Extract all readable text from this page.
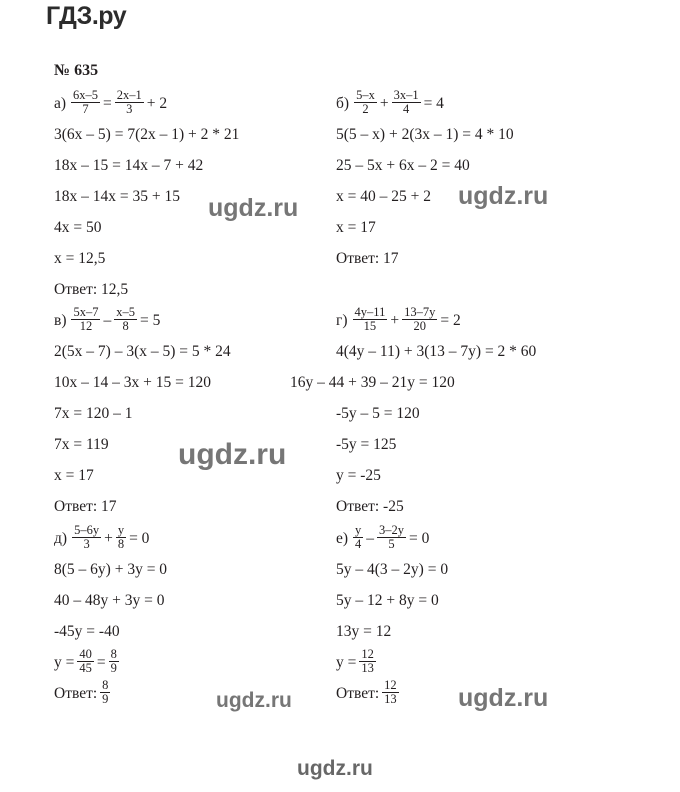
ГДЗ.ру
№ 635
$а) \frac{6x-5}{7} = \frac{2x-1}{3} + 2$
3(6x – 5) = 7(2x – 1) + 2 * 21
18х – 15 = 14х – 7 + 42
18х – 14х = 35 + 15
4х = 50
х = 12,5
Ответ: 12,5
$в) \frac{5x-7}{12} - \frac{x-5}{8} = 5$
2(5х – 7) – 3(х – 5) = 5 * 24
10х – 14 – 3х + 15 = 120
7х = 120 – 1
7х = 119
х = 17
Ответ: 17
$д) \frac{5-6y}{3} + \frac{y}{8} = 0$
8(5 – 6у) + 3у = 0
40 – 48у + 3у = 0
-45у = -40
$у = \frac{40}{45} = \frac{8}{9}$
Ответ: $\frac{8}{9}$
$б) \frac{5-x}{2} + \frac{3x-1}{4} = 4$
5(5 – х) + 2(3х – 1) = 4 * 10
25 – 5х + 6х – 2 = 40
х = 40 – 25 + 2
х = 17
Ответ: 17
$г) \frac{4y-11}{15} + \frac{13-7y}{20} = 2$
4(4у – 11) + 3(13 – 7у) = 2 * 60
16у – 44 + 39 – 21у = 120
-5у – 5 = 120
-5у = 125
у = -25
Ответ: -25
$е) \frac{y}{4} - \frac{3-2y}{5} = 0$
5у – 4(3 – 2у) = 0
5у – 12 + 8у = 0
13у = 12
$у = \frac{12}{13}$
Ответ: $\frac{12}{13}$
ugdz.ru	ugdz.ru
ugdz.ru
ugdz.ru	ugdz.ru
ugdz.ru
